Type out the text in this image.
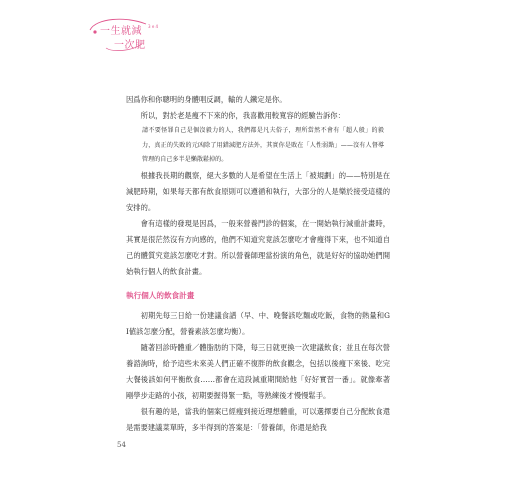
一生就減 3 e 4
一次肥

因爲你和你聰明的身體唱反調，輸的人鐵定是你。

所以，對於老是瘦不下來的你，我喜歡用較寬容的經驗告訴你：

請不要怪罪自己是個沒毅力的人，我們都是凡夫俗子，理所當然不會有「超人般」的毅力，真正的失敗的元凶除了用錯減肥方法外，其實你是敗在「人性弱點」——沒有人督導管理的自己多半是懶散鬆掉的。

根據我長期的觀察，絕大多數的人是希望在生活上「被規劃」的——特別是在減肥時期，如果每天都有飲食原則可以遵循和執行，大部分的人是樂於接受這樣的安排的。

會有這樣的發現是因爲，一般來營養門診的個案，在一開始執行減重計畫時，其實是很茫然沒有方向感的，他們不知道究竟該怎麼吃才會瘦得下來，也不知道自己的體質究竟該怎麼吃才對。所以營養師理當扮演的角色，就是好好的協助她們開始執行個人的飲食計畫。

執行個人的飲食計畫

初期先每三日給一份建議食譜（早、中、晚餐該吃麵或吃飯，食物的熱量和GI値該怎麼分配，營養素該怎麼均衡）。

隨著回診時體重／體脂肪的下降，每三日就更換一次建議飲食；並且在每次營養諮詢時，給予這些未來美人們正確不復胖的飲食觀念，包括以後瘦下來後、吃完大餐後該如何平衡飲食……都會在這段減重期間給他「好好實習一番」。就像牽著剛學步走路的小孩，初期要握得緊一點，等熟練後才慢慢鬆手。

很有趣的是，當我的個案已經瘦到接近理想體重，可以選擇要自己分配飲食還是需要建議菜單時，多半得到的答案是：「營養師，你還是給我

54
